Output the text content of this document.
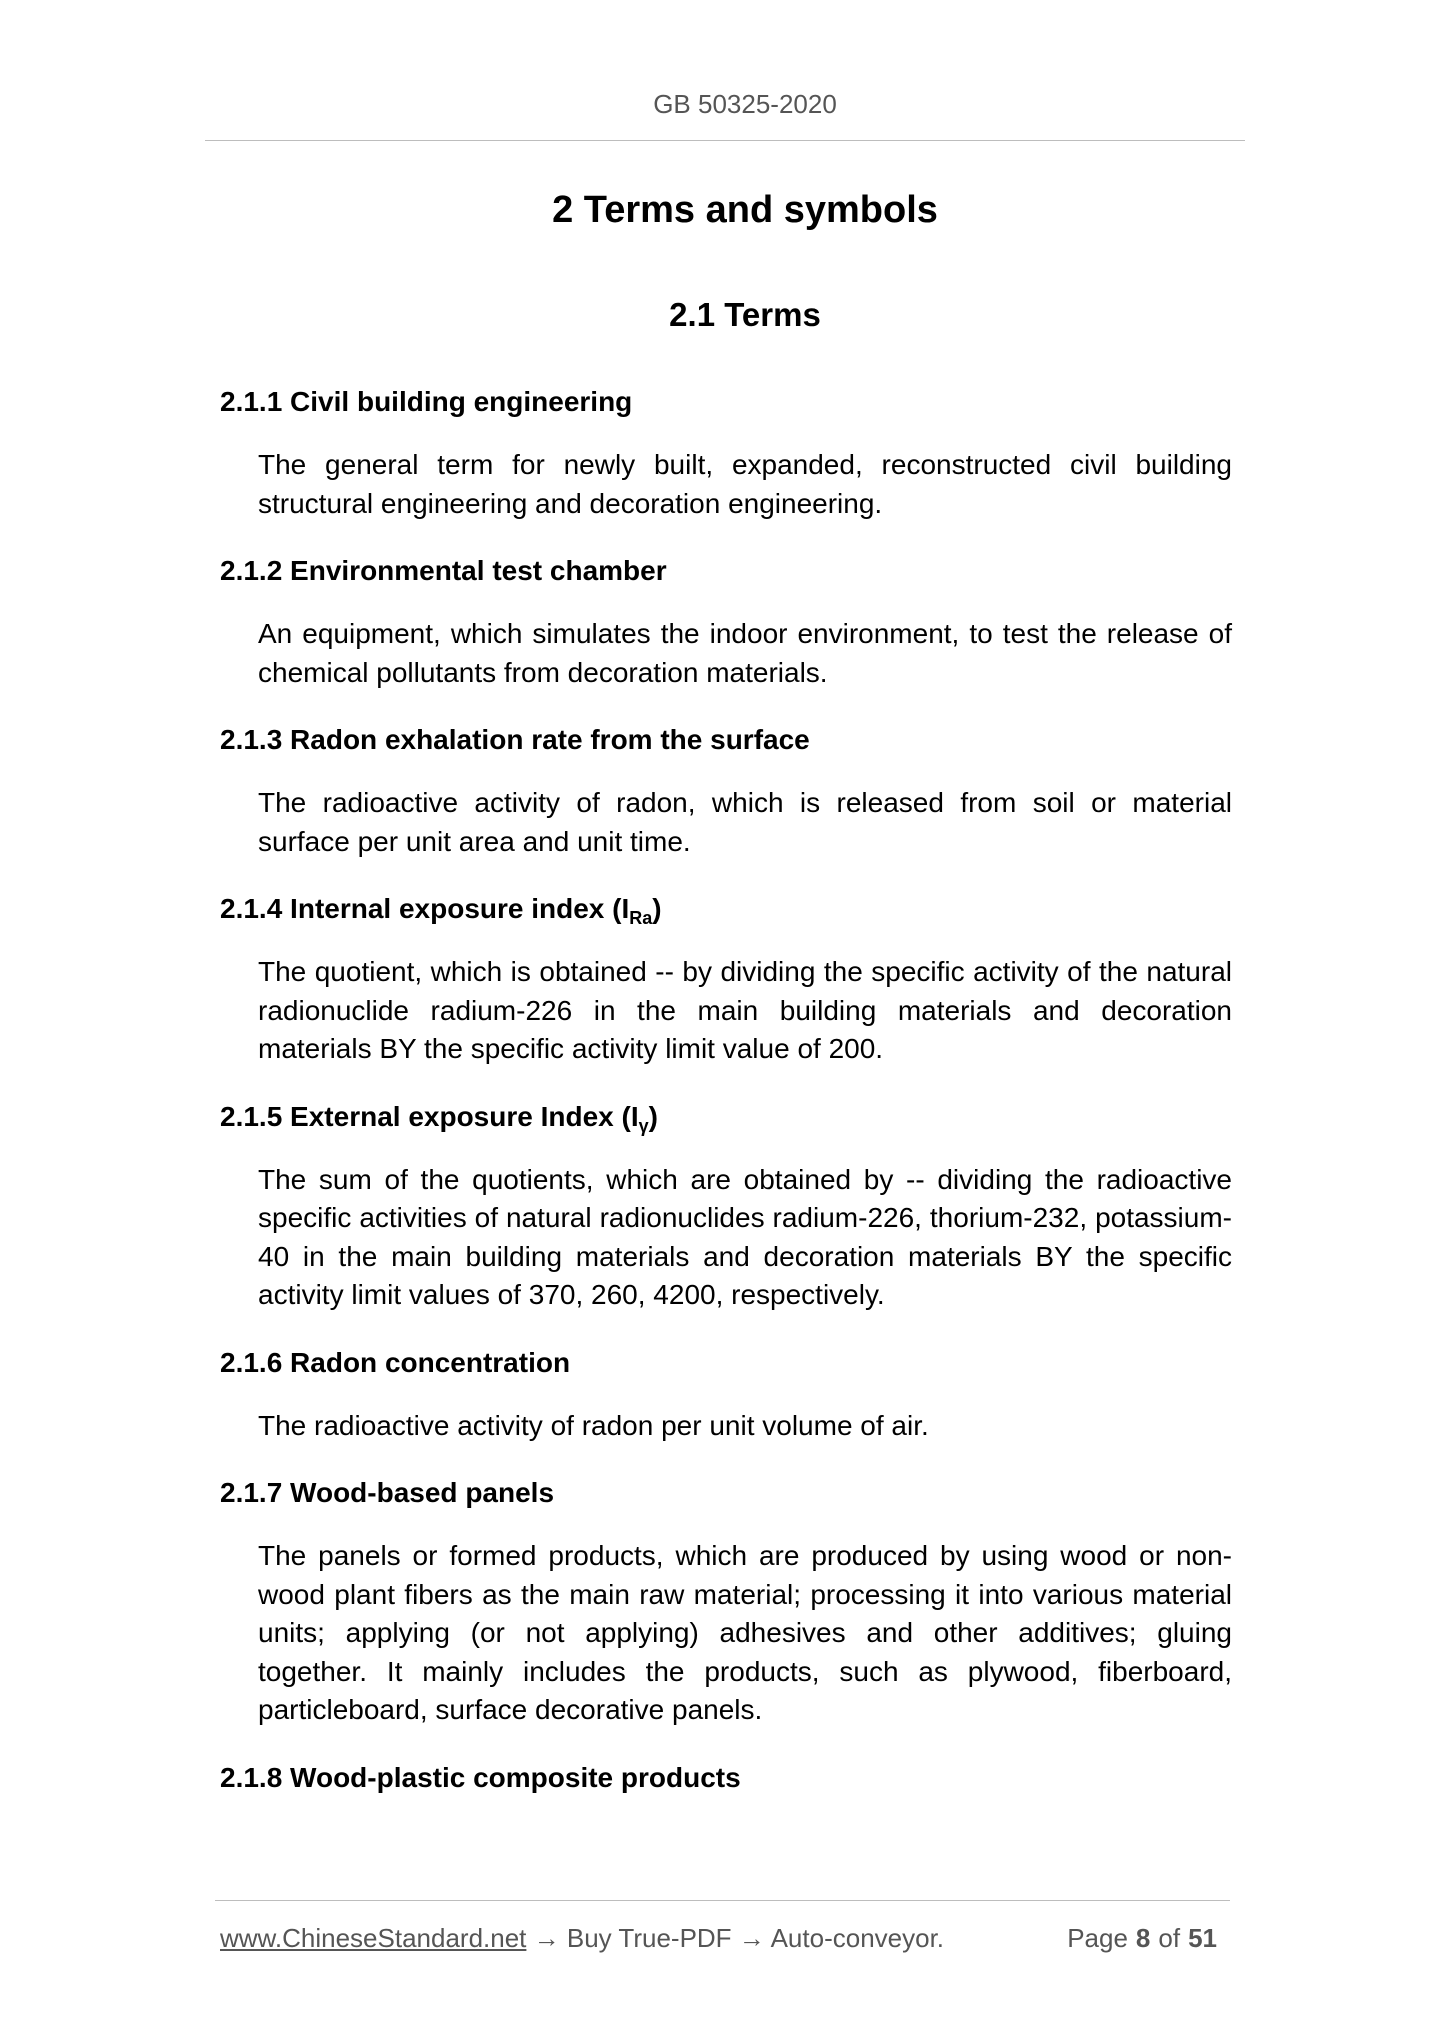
GB 50325-2020
2 Terms and symbols
2.1 Terms
2.1.1 Civil building engineering
The general term for newly built, expanded, reconstructed civil building structural engineering and decoration engineering.
2.1.2 Environmental test chamber
An equipment, which simulates the indoor environment, to test the release of chemical pollutants from decoration materials.
2.1.3 Radon exhalation rate from the surface
The radioactive activity of radon, which is released from soil or material surface per unit area and unit time.
2.1.4 Internal exposure index $(I_{Ra})$
The quotient, which is obtained -- by dividing the specific activity of the natural radionuclide radium-226 in the main building materials and decoration materials BY the specific activity limit value of 200.
2.1.5 External exposure Index $(I_\gamma)$
The sum of the quotients, which are obtained by -- dividing the radioactive specific activities of natural radionuclides radium-226, thorium-232, potassium-40 in the main building materials and decoration materials BY the specific activity limit values of 370, 260, 4200, respectively.
2.1.6 Radon concentration
The radioactive activity of radon per unit volume of air.
2.1.7 Wood-based panels
The panels or formed products, which are produced by using wood or non-wood plant fibers as the main raw material; processing it into various material units; applying (or not applying) adhesives and other additives; gluing together. It mainly includes the products, such as plywood, fiberboard, particleboard, surface decorative panels.
2.1.8 Wood-plastic composite products
www.ChineseStandard.net → Buy True-PDF → Auto-conveyor.	Page 8 of 51
